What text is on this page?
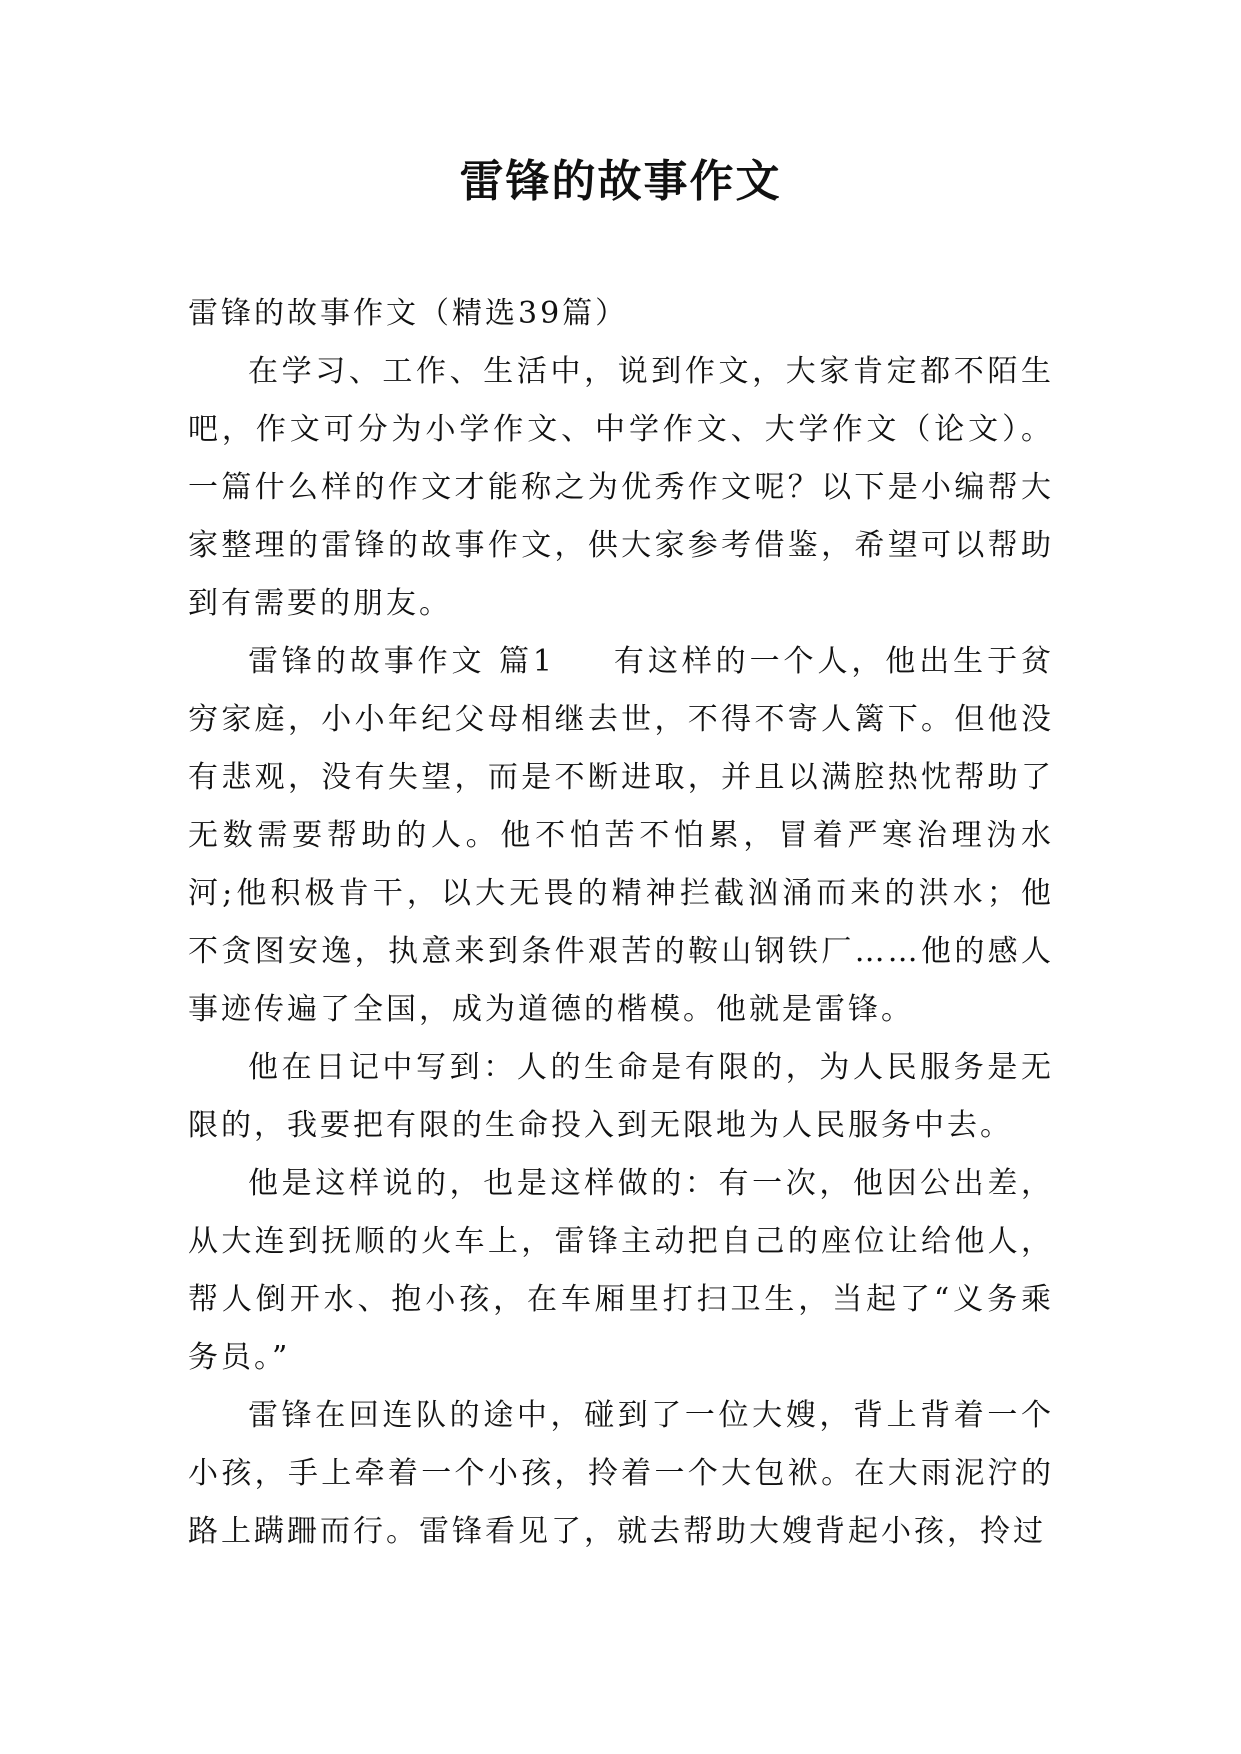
雷锋的故事作文

雷锋的故事作文（精选39篇）

在学习、工作、生活中，说到作文，大家肯定都不陌生吧，作文可分为小学作文、中学作文、大学作文（论文）。一篇什么样的作文才能称之为优秀作文呢？以下是小编帮大家整理的雷锋的故事作文，供大家参考借鉴，希望可以帮助到有需要的朋友。

雷锋的故事作文 篇1 有这样的一个人，他出生于贫穷家庭，小小年纪父母相继去世，不得不寄人篱下。但他没有悲观，没有失望，而是不断进取，并且以满腔热忱帮助了无数需要帮助的人。他不怕苦不怕累，冒着严寒治理沩水河;他积极肯干，以大无畏的精神拦截汹涌而来的洪水；他不贪图安逸，执意来到条件艰苦的鞍山钢铁厂……他的感人事迹传遍了全国，成为道德的楷模。他就是雷锋。

他在日记中写到：人的生命是有限的，为人民服务是无限的，我要把有限的生命投入到无限地为人民服务中去。

他是这样说的，也是这样做的：有一次，他因公出差，从大连到抚顺的火车上，雷锋主动把自己的座位让给他人，帮人倒开水、抱小孩，在车厢里打扫卫生，当起了“义务乘务员。”

雷锋在回连队的途中，碰到了一位大嫂，背上背着一个小孩，手上牵着一个小孩，拎着一个大包袱。在大雨泥泞的路上蹒跚而行。雷锋看见了，就去帮助大嫂背起小孩，拎过
